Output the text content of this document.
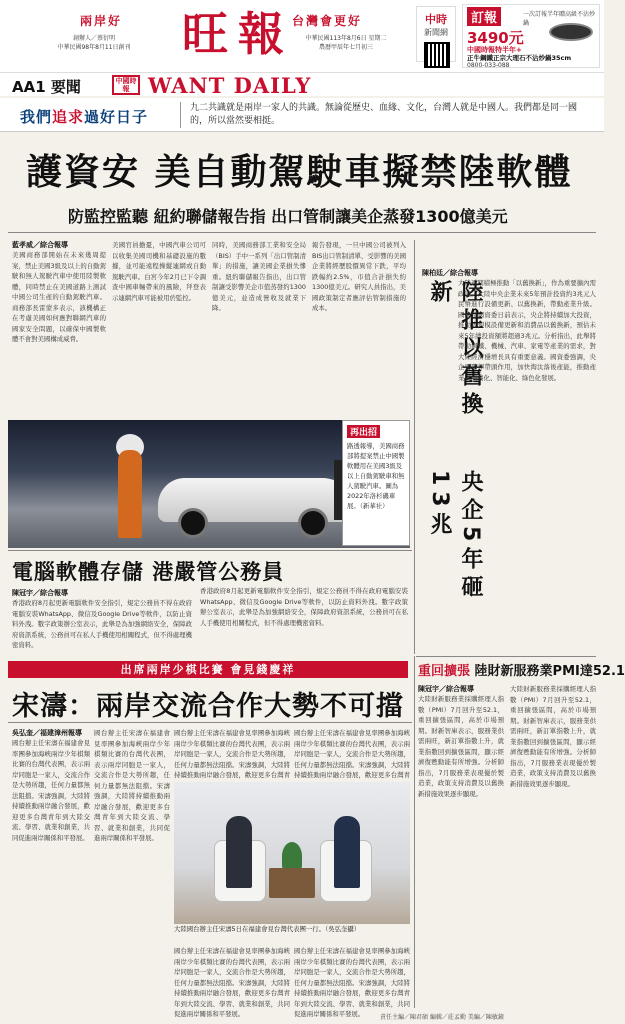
兩岸好	台灣會更好
創辦人／蔡衍明
中華民國98年8月11日創刊	旺報	中華民國113年8月6日 星期二
農曆甲辰年七月初三
中時
新聞網
訂報	一次訂報半年贈高級不沾炒鍋
3490元
中國時報特半年+
正牛鋼鐵正宗大理石不沾炒鍋35cm
0800-033-088
AA1 要聞	中國時報 WANT DAILY
我們追求過好日子	九二共識就是兩岸一家人的共識。無論從歷史、血緣、文化，台灣人就是中國人。我們都是同一國的，所以當然要相挺。
護資安 美自動駕駛車擬禁陸軟體
防監控監聽 紐約聯儲報告指 出口管制讓美企蒸發1300億美元
藍孝威／綜合報導
美國商務部開始在未來幾周提案，禁止美國3級及以上的自動駕駛和無人駕駛汽車中使用陸製軟體，同時禁止在美國道路上測試中國公司生產的自動駕駛汽車。商務部長雷蒙多表示，該機構正在考慮美國如何應對聯網汽車的國家安全問題，以確保中國製軟體不會對美國構成威脅。
美國官員擔憂，中國汽車公司可以收集美國司機和基礎設施的數據，並可能遠程操縱連網或自動駕駛汽車。白宮今年2月已下令調查中國車輛帶來的風險，拜登表示連網汽車可能被用於監控。
同時，美國商務部工業和安全局（BIS）手中一系列「出口管制清單」的措施，讓美國企業損失慘重。紐約聯儲報告指出，出口管制讓受影響美企市值蒸發約1300億美元，並造成營收及就業下降。
報告發現，一旦中國公司被列入BIS出口管制清單，受影響的美國企業將經歷股價異常下跌，平均跌幅約2.5%，市值合計損失約1300億美元。研究人員指出，美國政策制定者應評估管制措施的成本。
再出招
路透報導，美國商務部將提案禁止中國製軟體用在美國3級及以上自動駕駛車和無人駕駛汽車。圖為2022年洛杉磯車展。（新華社）
陳柏廷／綜合報導
陸推以舊換新
央企5年砸13兆
大陸近期積極推動「以舊換新」，作為重要擴內需政策。大陸中央企業未來5年預計投資約3兆元人民幣進行設備更新、以舊換新，帶動產業升級。國務院國資委日前表示，央企將持續加大投資，推動大規模設備更新和消費品以舊換新，預估未來5年總投資額將超過3兆元。分析指出，此舉將帶動鋼鐵、機械、汽車、家電等產業的需求，對大陸經濟穩增長具有重要意義。國資委強調，央企要發揮帶頭作用，加快淘汰落後產能，推動產業向高端化、智能化、綠色化發展。
電腦軟體存儲 港嚴管公務員
陳冠宇／綜合報導
香港政府8月起更新電腦軟件安全指引，規定公務員不得在政府電腦安裝WhatsApp、微信及Google Drive等軟件，以防止資料外洩。數字政策辦公室表示，此舉是為加強網絡安全，保障政府資訊系統，公務員可在私人手機使用相關程式，但不得處理機密資料。
香港政府8月起更新電腦軟件安全指引，規定公務員不得在政府電腦安裝WhatsApp、微信及Google Drive等軟件，以防止資料外洩。數字政策辦公室表示，此舉是為加強網絡安全，保障政府資訊系統，公務員可在私人手機使用相關程式，但不得處理機密資料。
重回擴張 陸財新服務業PMI達52.1
陳冠宇／綜合報導
大陸財新服務業採購經理人指數（PMI）7月回升至52.1，重回擴張區間，高於市場預期。財新智庫表示，服務業供需兩旺，新訂單指數上升，就業指數回到擴張區間，顯示經濟復甦動能有所增強。分析師指出，7月服務業表現優於製造業，政策支持消費及以舊換新措施效果逐步顯現。
大陸財新服務業採購經理人指數（PMI）7月回升至52.1，重回擴張區間，高於市場預期。財新智庫表示，服務業供需兩旺，新訂單指數上升，就業指數回到擴張區間，顯示經濟復甦動能有所增強。分析師指出，7月服務業表現優於製造業，政策支持消費及以舊換新措施效果逐步顯現。
出席兩岸少棋比賽 會見錢慶祥
宋濤：兩岸交流合作大勢不可擋
吳弘奎／福建漳州報導
國台辦主任宋濤在福建會見率團參加海峽兩岸少年棋類比賽的台灣代表團，表示兩岸同胞是一家人，交流合作是大勢所趨，任何力量都無法阻擋。宋濤強調，大陸將持續推動兩岸融合發展，歡迎更多台灣青年到大陸交流、學習、就業和創業，共同促進兩岸關係和平發展。
國台辦主任宋濤在福建會見率團參加海峽兩岸少年棋類比賽的台灣代表團，表示兩岸同胞是一家人，交流合作是大勢所趨，任何力量都無法阻擋。宋濤強調，大陸將持續推動兩岸融合發展，歡迎更多台灣青年到大陸交流、學習、就業和創業，共同促進兩岸關係和平發展。
國台辦主任宋濤在福建會見率團參加海峽兩岸少年棋類比賽的台灣代表團，表示兩岸同胞是一家人，交流合作是大勢所趨，任何力量都無法阻擋。宋濤強調，大陸將持續推動兩岸融合發展，歡迎更多台灣青
國台辦主任宋濤在福建會見率團參加海峽兩岸少年棋類比賽的台灣代表團，表示兩岸同胞是一家人，交流合作是大勢所趨，任何力量都無法阻擋。宋濤強調，大陸將持續推動兩岸融合發展，歡迎更多台灣青
大陸國台辦主任宋濤5日在福建會見台灣代表團一行。（吳弘奎攝）
國台辦主任宋濤在福建會見率團參加海峽兩岸少年棋類比賽的台灣代表團，表示兩岸同胞是一家人，交流合作是大勢所趨，任何力量都無法阻擋。宋濤強調，大陸將持續推動兩岸融合發展，歡迎更多台灣青年到大陸交流、學習、就業和創業，共同促進兩岸關係和平發展。
國台辦主任宋濤在福建會見率團參加海峽兩岸少年棋類比賽的台灣代表團，表示兩岸同胞是一家人，交流合作是大勢所趨，任何力量都無法阻擋。宋濤強調，大陸將持續推動兩岸融合發展，歡迎更多台灣青年到大陸交流、學習、就業和創業，共同促進兩岸關係和平發展。	責任主編／陳君碩 編輯／莊孟勤 美編／陳敏鐘
